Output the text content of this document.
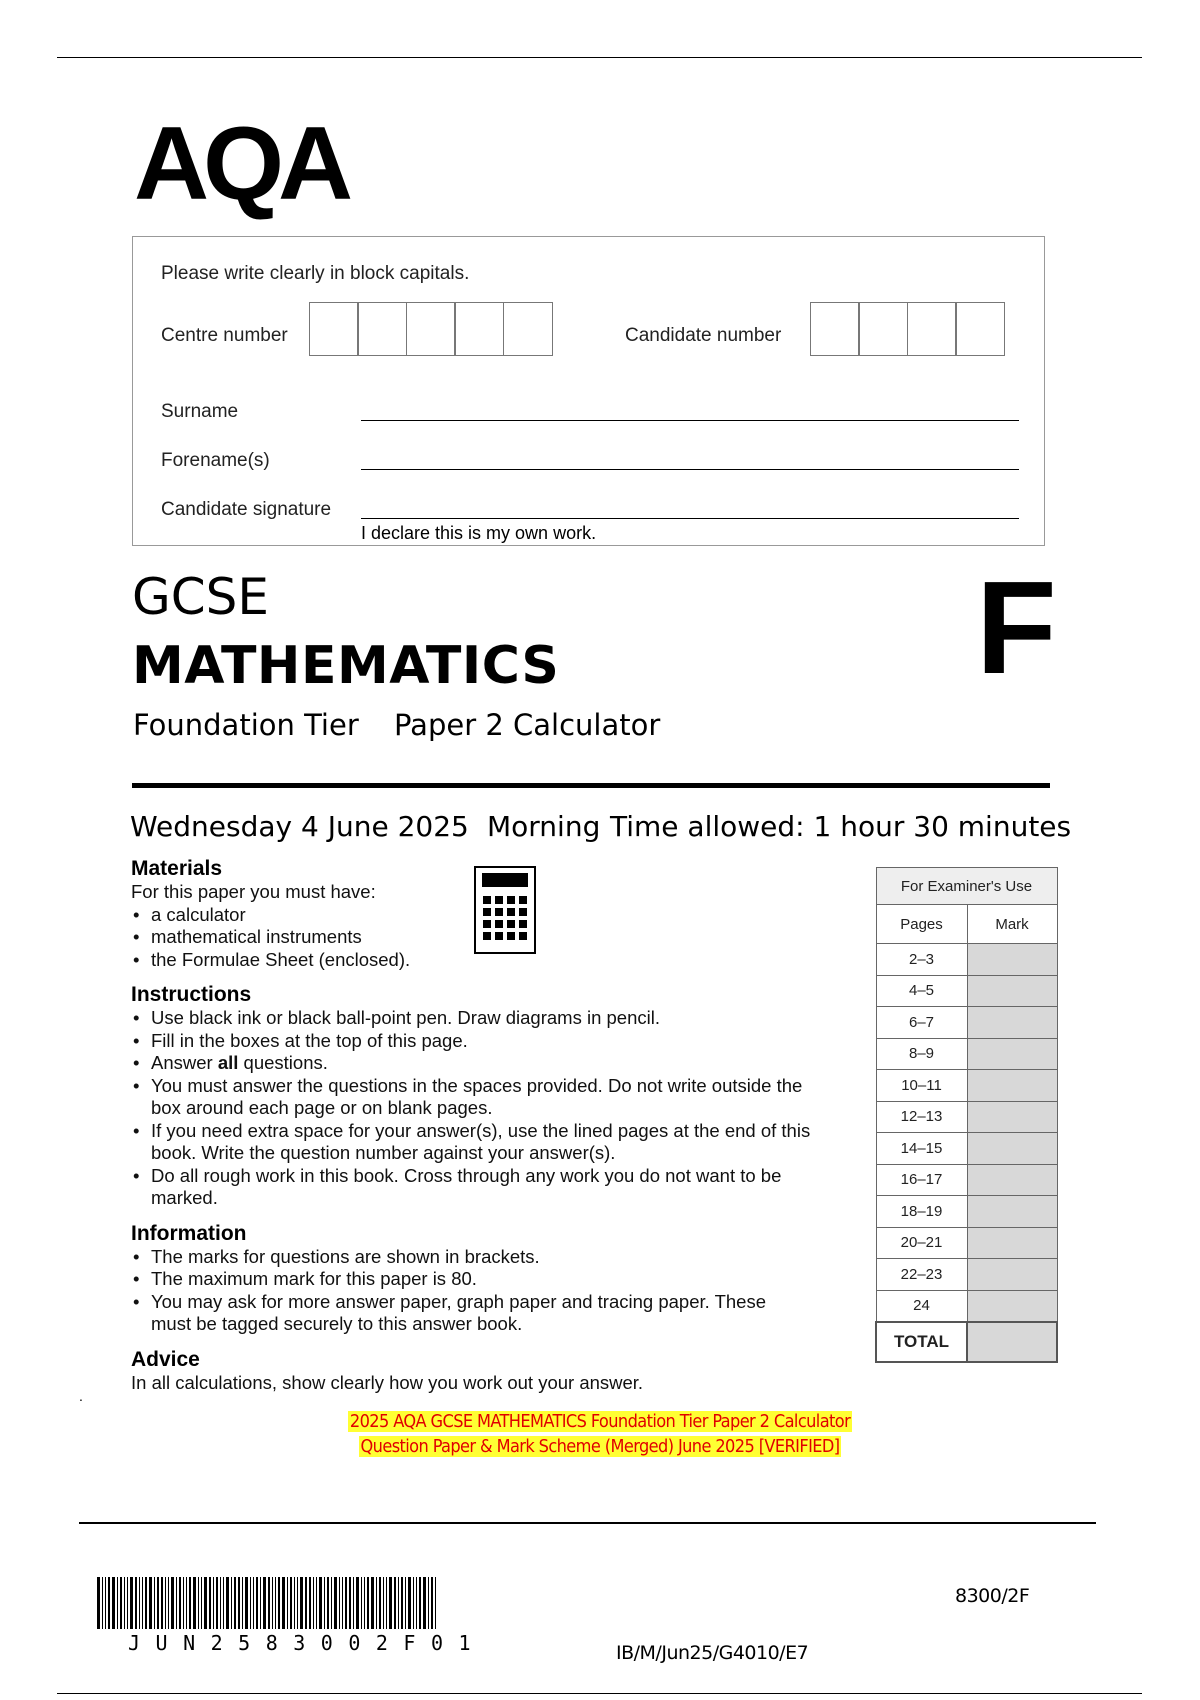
AQA
Please write clearly in block capitals.
Centre number	Candidate number
Surname
Forename(s)
Candidate signature
I declare this is my own work.
GCSE
MATHEMATICS	F
Foundation Tier Paper 2 Calculator
Wednesday 4 June 2025 Morning Time allowed: 1 hour 30 minutes
Materials
For this paper you must have:
• a calculator
• mathematical instruments
• the Formulae Sheet (enclosed).
Instructions
• Use black ink or black ball-point pen. Draw diagrams in pencil.
• Fill in the boxes at the top of this page.
• Answer all questions.
• You must answer the questions in the spaces provided. Do not write outside the box around each page or on blank pages.
• If you need extra space for your answer(s), use the lined pages at the end of this book. Write the question number against your answer(s).
• Do all rough work in this book. Cross through any work you do not want to be marked.
Information
• The marks for questions are shown in brackets.
• The maximum mark for this paper is 80.
• You may ask for more answer paper, graph paper and tracing paper. These must be tagged securely to this answer book.
Advice
In all calculations, show clearly how you work out your answer.
For Examiner's Use	
Pages	Mark
2–3	
4–5	
6–7	
8–9	
10–11	
12–13	
14–15	
16–17	
18–19	
20–21	
22–23	
24	
TOTAL	
2025 AQA GCSE MATHEMATICS Foundation Tier Paper 2 Calculator
Question Paper & Mark Scheme (Merged) June 2025 [VERIFIED]
.
JUN2583002F01
8300/2F
IB/M/Jun25/G4010/E7
